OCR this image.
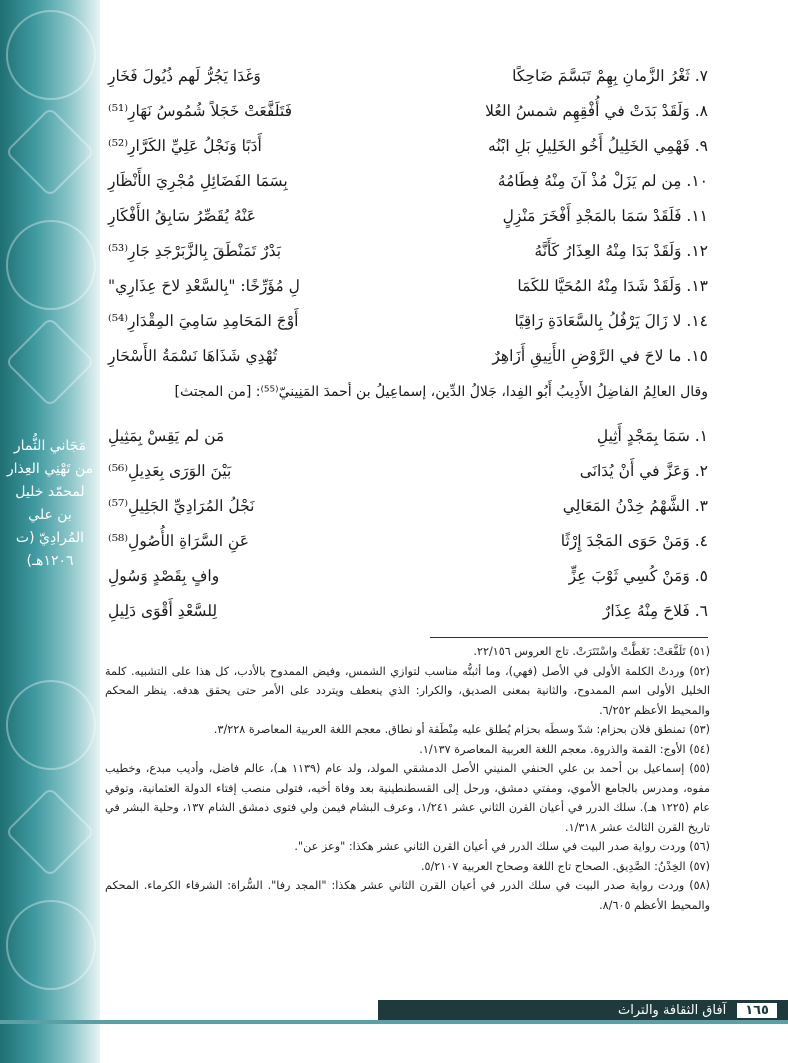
مَجَاني الثُّمار من تَهْنِي العِذار لمحمّد خليل بن علي المُرادِيّ (ت ١٢٠٦هـ)
٧. ثَغْرُ الزَّمانِ بِهِمْ تَبَسَّمَ ضَاحِكًا
وَغَدَا يَجُرُّ لَهم ذُيُولَ فَخَارِ
٨. وَلَقَدْ بَدَتْ في أُفْقِهِم شمسُ العُلا
فَتَلَفَّعَتْ خَجَلاً شُمُوسُ نَهَارِ⁽⁵¹⁾
٩. فَهْمِي الخَلِيلُ أَخُو الخَلِيلِ بَلِ ابْنُه
أَدَبًا وَنَجْلُ عَلِيِّ الكَرَّارِ⁽⁵²⁾
١٠. مِن لم يَزَلْ مُذْ آنَ مِنْهُ فِطَامُهُ
بِسَمَا الفَضَائِلِ مُجْرِيَ الأَنْظَارِ
١١. فَلَقَدْ سَمَا بالمَجْدِ أَفْخَرَ مَنْزِلٍ
عَنْهُ يُقَصِّرُ سَابِقُ الأَفْكَارِ
١٢. وَلَقَدْ بَدَا مِنْهُ العِذَارُ كَأَنَّهُ
بَدْرٌ تَمَنْطَقَ بِالزَّبَرْجَدِ جَارِ⁽⁵³⁾
١٣. وَلَقَدْ شَدَا مِنْهُ المُحَيَّا للكَمَا
لِ مُؤَرِّخًا: "بِالسَّعْدِ لاحَ عِذَارِي"
١٤. لا زَالَ يَرْفُلُ بِالسَّعَادَةِ رَاقِيًا
أَوْجَ المَحَامِدِ سَامِيَ المِقْدَارِ⁽⁵⁴⁾
١٥. ما لاحَ في الرَّوْضِ الأَنِيقِ أَزَاهِرٌ
تُهْدِي شَذَاهَا نَسْمَةُ الأَسْحَارِ
وقال العالِمُ الفاضِلُ الأَدِيبُ أَبُو الفِدا، جَلالُ الدِّين، إسماعِيلُ بن أحمدَ المَنِينيّ⁽⁵⁵⁾: [من المجتث]
١. سَمَا بِمَجْدٍ أَثِيلِ
مَن لم يَقِسْ بِمَثِيلِ
٢. وَعَزَّ في أَنْ يُدَانَى
بَيْنَ الوَرَى بِعَدِيلِ⁽⁵⁶⁾
٣. الشَّهْمُ خِدْنُ المَعَالِي
نَجْلُ المُرَادِيِّ الجَلِيلِ⁽⁵⁷⁾
٤. وَمَنْ حَوَى المَجْدَ إِرْثًا
عَنِ السَّرَاةِ الأُصُولِ⁽⁵⁸⁾
٥. وَمَنْ كُسِي ثَوْبَ عِزٍّ
وافٍ بِقَصْدٍ وَسُولِ
٦. فَلاحَ مِنْهُ عِذَارٌ
لِلسَّعْدِ أَقْوَى دَلِيلِ

(٥١) تَلَفَّعَتْ: تَغَطَّتْ واسْتَتَرَتْ. تاج العروس ٢٢/١٥٦.

(٥٢) وردتْ الكلمة الأولى في الأصل (فهي)، وما أثبتُّه مناسب لتوازي الشمس، وفيض الممدوح بالأدب، كل هذا على التشبيه. كلمة الخليل الأولى اسم الممدوح، والثانية بمعنى الصديق، والكرار: الذي ينعطف ويتردد على الأمر حتى يحقق هدفه. ينظر المحكم والمحيط الأعظم ٦/٢٥٢.

(٥٣) تمنطق فلان بحزام: شدّ وسطَه بحزام يُطلق عليه مِنْطَقة أو نطاق. معجم اللغة العربية المعاصرة ٣/٢٢٨.

(٥٤) الأوج: القمة والذروة. معجم اللغة العربية المعاصرة ١/١٣٧.

(٥٥) إسماعيل بن أحمد بن علي الحنفي المنيني الأصل الدمشقي المولد، ولد عام (١١٣٩ هـ)، عالم فاضل، وأديب مبدع، وخطيب مفوه، ومدرس بالجامع الأموي، ومفتي دمشق، ورحل إلى القسطنطينية بعد وفاة أخيه، فتولى منصب إفتاء الدولة العثمانية، وتوفي عام (١٢٢٥ هـ). سلك الدرر في أعيان القرن الثاني عشر ١/٢٤١، وعرف البشام فيمن ولي فتوى دمشق الشام ١٣٧، وحلية البشر في تاريخ القرن الثالث عشر ١/٣١٨.

(٥٦) وردت رواية صدر البيت في سلك الدرر في أعيان القرن الثاني عشر هكذا: "وعز عن".

(٥٧) الخِدْنُ: الصَّدِيق. الصحاح تاج اللغة وصحاح العربية ٥/٢١٠٧.

(٥٨) وردت رواية صدر البيت في سلك الدرر في أعيان القرن الثاني عشر هكذا: "المجد رفا". السُّراة: الشرفاء الكرماء. المحكم والمحيط الأعظم ٨/٦٠٥.

١٦٥
آفاق الثقافة والتراث
